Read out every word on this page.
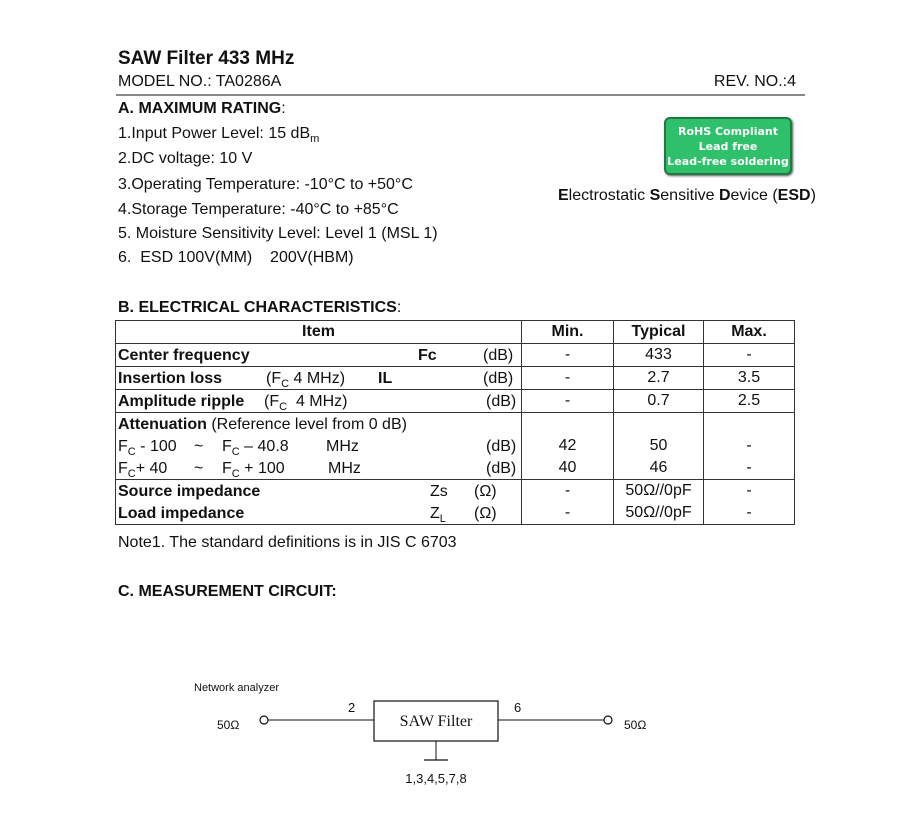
SAW Filter 433 MHz
MODEL NO.: TA0286A	REV. NO.:4
A. MAXIMUM RATING:
1.Input Power Level: 15 $dB_m$
2.DC voltage: 10 V
3.Operating Temperature: -10°C to +50°C
4.Storage Temperature: -40°C to +85°C
5. Moisture Sensitivity Level: Level 1 (MSL 1)
6.  ESD 100V(MM)    200V(HBM)
RoHS Compliant
Lead free
Lead-free soldering
Electrostatic Sensitive Device (ESD)
B. ELECTRICAL CHARACTERISTICS:
Item	Min.	Typical	Max.

Center frequency Fc (dB)	-	433	-

Insertion loss ($F_C$ 4 MHz) IL (dB)	-	2.7	3.5

Amplitude ripple ($F_C$  4 MHz) (dB)	-	0.7	2.5

Attenuation (Reference level from 0 dB)			

$F_C - 100$ ~ $F_C - 40.8$ MHz (dB)	42	50	-

$F_C+ 40$ ~ $F_C + 100$ MHz (dB)	40	46	-

Source impedance Zs (Ω)	-	50Ω//0pF	-

Load impedance $Z_L$ (Ω)	-	50Ω//0pF	-
Note1. The standard definitions is in JIS C 6703
C. MEASUREMENT CIRCUIT:
Network analyzer
50Ω
2
SAW Filter
6
50Ω
1,3,4,5,7,8
